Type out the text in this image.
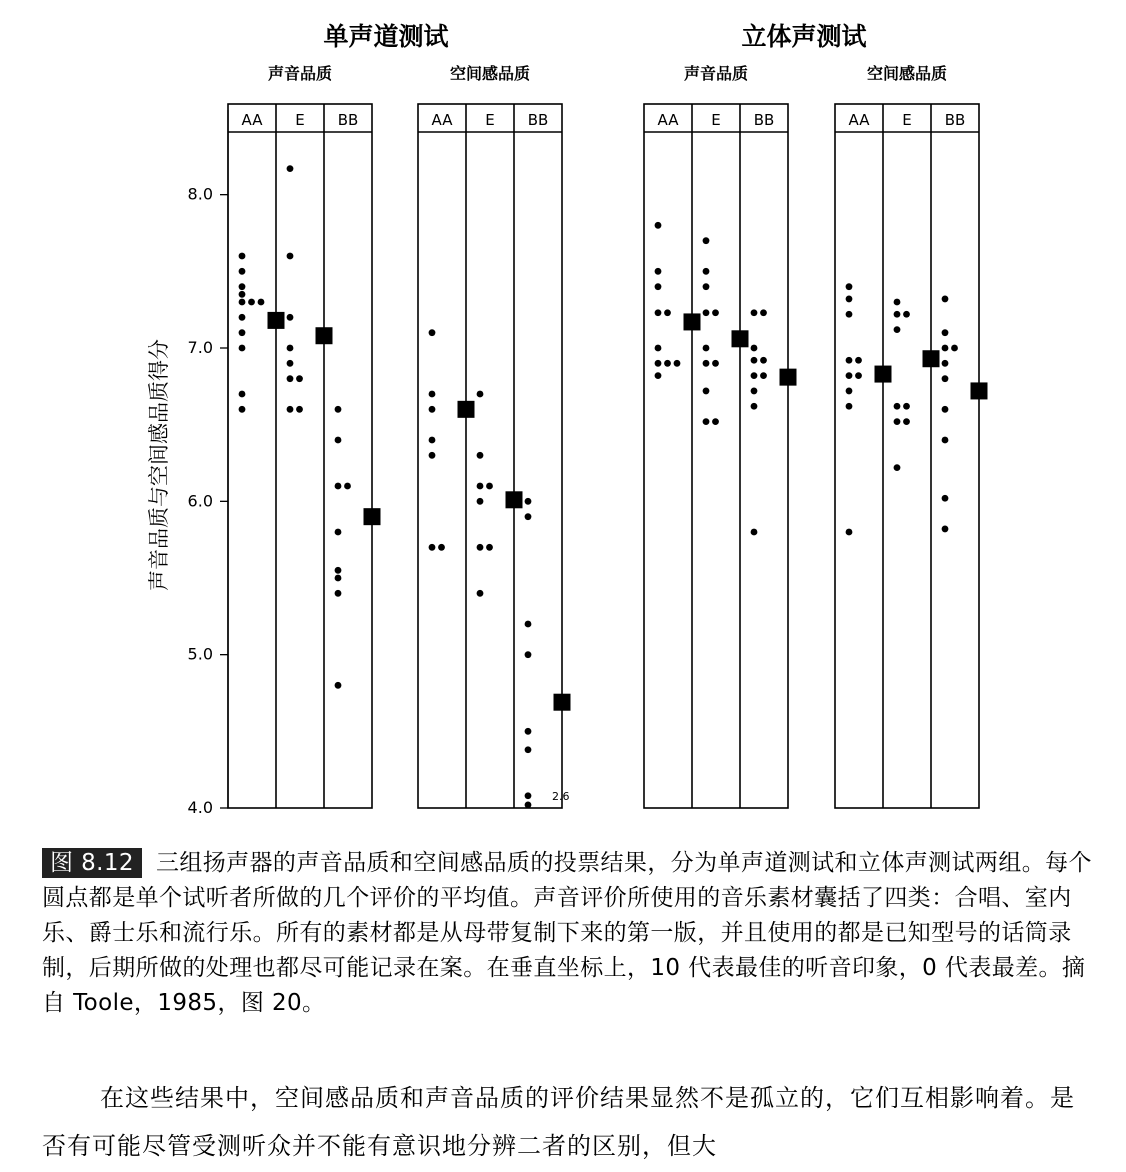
8.0
7.0
6.0
5.0
4.0
声音品质与空间感品质得分
单声道测试
声音品质
AA E BB
空间感品质
AA E BB
立体声测试
声音品质
AA E BB
空间感品质
AA E BB
2.6
图 8.12 三组扬声器的声音品质和空间感品质的投票结果，分为单声道测试和立体声测试两组。每个圆点都是单个试听者所做的几个评价的平均值。声音评价所使用的音乐素材囊括了四类：合唱、室内乐、爵士乐和流行乐。所有的素材都是从母带复制下来的第一版，并且使用的都是已知型号的话筒录制，后期所做的处理也都尽可能记录在案。在垂直坐标上，10 代表最佳的听音印象，0 代表最差。摘自 Toole，1985，图 20。
在这些结果中，空间感品质和声音品质的评价结果显然不是孤立的，它们互相影响着。是否有可能尽管受测听众并不能有意识地分辨二者的区别，但大
